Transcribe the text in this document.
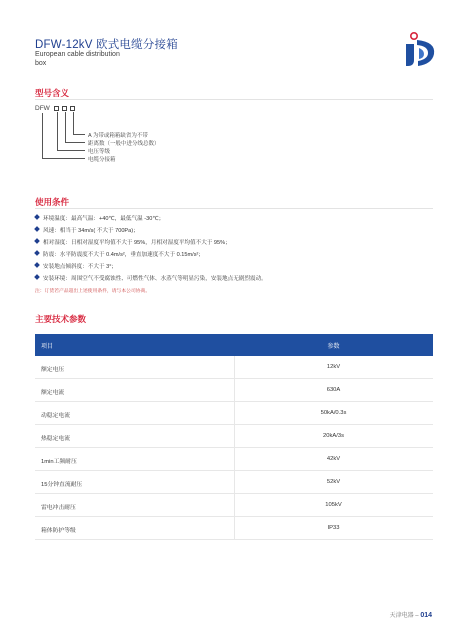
DFW-12kV 欧式电缆分接箱
European cable distribution
box
型号含义
DFW
A 为带或箱箱缺省为不带
距离数（一般中进分线总数）
电压等级
电缆分接箱
使用条件
环境温度：最高气温：+40℃，最低气温 -30℃；
风速：相当于 34m/s( 不大于 700Pa)；
相对湿度：日相对湿度平均值不大于 95%，月相对湿度平均值不大于 95%；
防震：水平防震度不大于 0.4m/s²，垂直加速度不大于 0.15m/s²；
安装地点倾斜度：不大于 3°；
安装环境：周围空气不受腐蚀性、可燃性气体、水蒸气等明显污染，安装地点无剧烈震动。
注：订货若产品超出上述使用条件，请与本公司协商。
主要技术参数
项目	参数
额定电压	12kV
额定电流	630A
动稳定电流	50kA/0.3s
热稳定电流	20kA/3s
1min工频耐压	42kV
15分钟直流耐压	52kV
雷电冲击耐压	105kV
箱体防护等级	IP33
天津电器 – 014
